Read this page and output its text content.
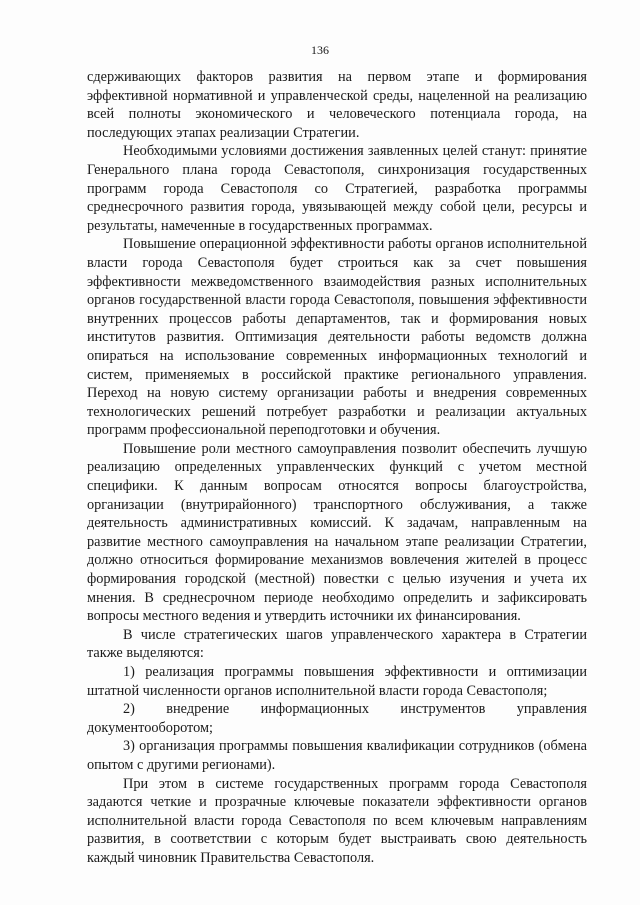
136

сдерживающих факторов развития на первом этапе и формирования эффективной нормативной и управленческой среды, нацеленной на реализацию всей полноты экономического и человеческого потенциала города, на последующих этапах реализации Стратегии.

Необходимыми условиями достижения заявленных целей станут: принятие Генерального плана города Севастополя, синхронизация государственных программ города Севастополя со Стратегией, разработка программы среднесрочного развития города, увязывающей между собой цели, ресурсы и результаты, намеченные в государственных программах.

Повышение операционной эффективности работы органов исполнительной власти города Севастополя будет строиться как за счет повышения эффективности межведомственного взаимодействия разных исполнительных органов государственной власти города Севастополя, повышения эффективности внутренних процессов работы департаментов, так и формирования новых институтов развития. Оптимизация деятельности работы ведомств должна опираться на использование современных информационных технологий и систем, применяемых в российской практике регионального управления. Переход на новую систему организации работы и внедрения современных технологических решений потребует разработки и реализации актуальных программ профессиональной переподготовки и обучения.

Повышение роли местного самоуправления позволит обеспечить лучшую реализацию определенных управленческих функций с учетом местной специфики. К данным вопросам относятся вопросы благоустройства, организации (внутрирайонного) транспортного обслуживания, а также деятельность административных комиссий. К задачам, направленным на развитие местного самоуправления на начальном этапе реализации Стратегии, должно относиться формирование механизмов вовлечения жителей в процесс формирования городской (местной) повестки с целью изучения и учета их мнения. В среднесрочном периоде необходимо определить и зафиксировать вопросы местного ведения и утвердить источники их финансирования.

В числе стратегических шагов управленческого характера в Стратегии также выделяются:

1) реализация программы повышения эффективности и оптимизации штатной численности органов исполнительной власти города Севастополя;

2) внедрение информационных инструментов управления документооборотом;

3) организация программы повышения квалификации сотрудников (обмена опытом с другими регионами).

При этом в системе государственных программ города Севастополя задаются четкие и прозрачные ключевые показатели эффективности органов исполнительной власти города Севастополя по всем ключевым направлениям развития, в соответствии с которым будет выстраивать свою деятельность каждый чиновник Правительства Севастополя.
